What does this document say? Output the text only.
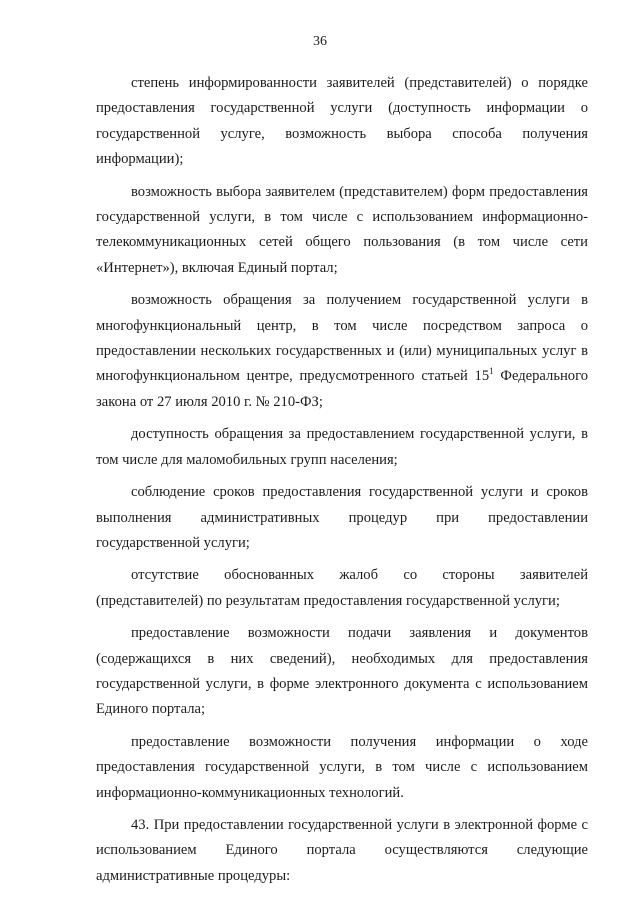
36

степень информированности заявителей (представителей) о порядке предоставления государственной услуги (доступность информации о государственной услуге, возможность выбора способа получения информации);

возможность выбора заявителем (представителем) форм предоставления государственной услуги, в том числе с использованием информационно- телекоммуникационных сетей общего пользования (в том числе сети «Интернет»), включая Единый портал;

возможность обращения за получением государственной услуги в многофункциональный центр, в том числе посредством запроса о предоставлении нескольких государственных и (или) муниципальных услуг в многофункциональном центре, предусмотренного статьей $15^1$ Федерального закона от 27 июля 2010 г. № 210-ФЗ;

доступность обращения за предоставлением государственной услуги, в том числе для маломобильных групп населения;

соблюдение сроков предоставления государственной услуги и сроков выполнения административных процедур при предоставлении государственной услуги;

отсутствие обоснованных жалоб со стороны заявителей (представителей) по результатам предоставления государственной услуги;

предоставление возможности подачи заявления и документов (содержащихся в них сведений), необходимых для предоставления государственной услуги, в форме электронного документа с использованием Единого портала;

предоставление возможности получения информации о ходе предоставления государственной услуги, в том числе с использованием информационно-коммуникационных технологий.

43. При предоставлении государственной услуги в электронной форме с использованием Единого портала осуществляются следующие административные процедуры:
